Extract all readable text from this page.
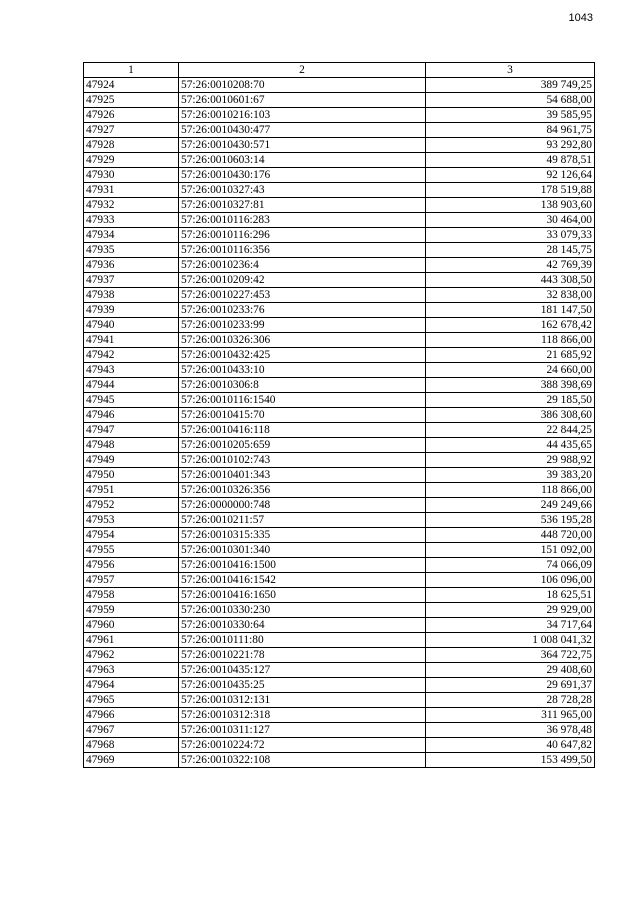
1043
1	2	3
47924	57:26:0010208:70	389 749,25
47925	57:26:0010601:67	54 688,00
47926	57:26:0010216:103	39 585,95
47927	57:26:0010430:477	84 961,75
47928	57:26:0010430:571	93 292,80
47929	57:26:0010603:14	49 878,51
47930	57:26:0010430:176	92 126,64
47931	57:26:0010327:43	178 519,88
47932	57:26:0010327:81	138 903,60
47933	57:26:0010116:283	30 464,00
47934	57:26:0010116:296	33 079,33
47935	57:26:0010116:356	28 145,75
47936	57:26:0010236:4	42 769,39
47937	57:26:0010209:42	443 308,50
47938	57:26:0010227:453	32 838,00
47939	57:26:0010233:76	181 147,50
47940	57:26:0010233:99	162 678,42
47941	57:26:0010326:306	118 866,00
47942	57:26:0010432:425	21 685,92
47943	57:26:0010433:10	24 660,00
47944	57:26:0010306:8	388 398,69
47945	57:26:0010116:1540	29 185,50
47946	57:26:0010415:70	386 308,60
47947	57:26:0010416:118	22 844,25
47948	57:26:0010205:659	44 435,65
47949	57:26:0010102:743	29 988,92
47950	57:26:0010401:343	39 383,20
47951	57:26:0010326:356	118 866,00
47952	57:26:0000000:748	249 249,66
47953	57:26:0010211:57	536 195,28
47954	57:26:0010315:335	448 720,00
47955	57:26:0010301:340	151 092,00
47956	57:26:0010416:1500	74 066,09
47957	57:26:0010416:1542	106 096,00
47958	57:26:0010416:1650	18 625,51
47959	57:26:0010330:230	29 929,00
47960	57:26:0010330:64	34 717,64
47961	57:26:0010111:80	1 008 041,32
47962	57:26:0010221:78	364 722,75
47963	57:26:0010435:127	29 408,60
47964	57:26:0010435:25	29 691,37
47965	57:26:0010312:131	28 728,28
47966	57:26:0010312:318	311 965,00
47967	57:26:0010311:127	36 978,48
47968	57:26:0010224:72	40 647,82
47969	57:26:0010322:108	153 499,50
